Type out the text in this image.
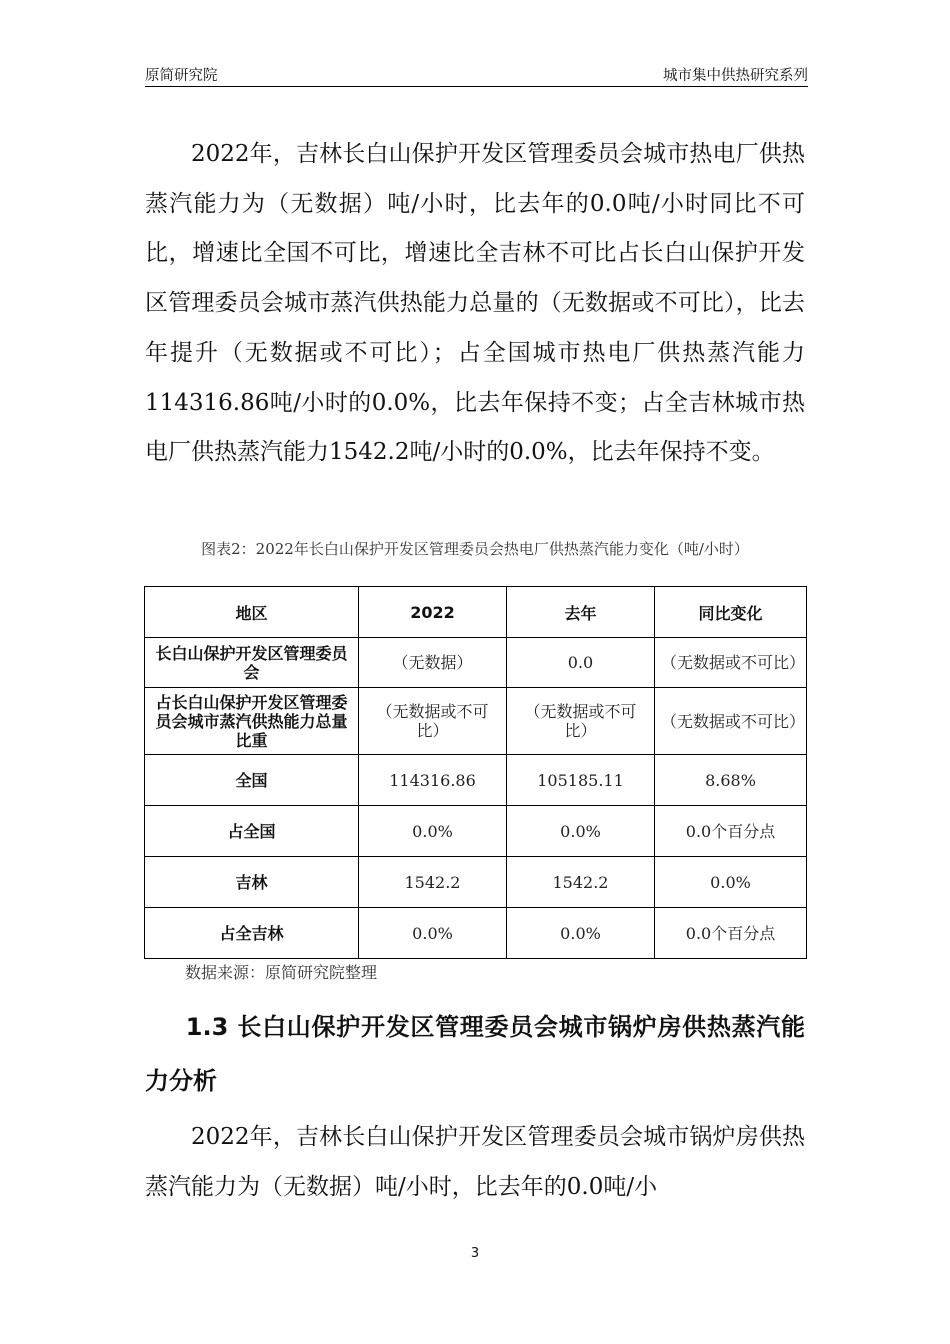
原简研究院	城市集中供热研究系列

2022年，吉林长白山保护开发区管理委员会城市热电厂供热蒸汽能力为（无数据）吨/小时，比去年的0.0吨/小时同比不可比，增速比全国不可比，增速比全吉林不可比占长白山保护开发区管理委员会城市蒸汽供热能力总量的（无数据或不可比），比去年提升（无数据或不可比）；占全国城市热电厂供热蒸汽能力114316.86吨/小时的0.0%，比去年保持不变；占全吉林城市热电厂供热蒸汽能力1542.2吨/小时的0.0%，比去年保持不变。

图表2：2022年长白山保护开发区管理委员会热电厂供热蒸汽能力变化（吨/小时）

地区	2022	去年	同比变化
长白山保护开发区管理委员会	（无数据）	0.0	（无数据或不可比）
占长白山保护开发区管理委员会城市蒸汽供热能力总量比重	（无数据或不可比）	（无数据或不可比）	（无数据或不可比）
全国	114316.86	105185.11	8.68%
占全国	0.0%	0.0%	0.0个百分点
吉林	1542.2	1542.2	0.0%
占全吉林	0.0%	0.0%	0.0个百分点
数据来源：原简研究院整理
1.3 长白山保护开发区管理委员会城市锅炉房供热蒸汽能力分析

2022年，吉林长白山保护开发区管理委员会城市锅炉房供热蒸汽能力为（无数据）吨/小时，比去年的0.0吨/小

3
